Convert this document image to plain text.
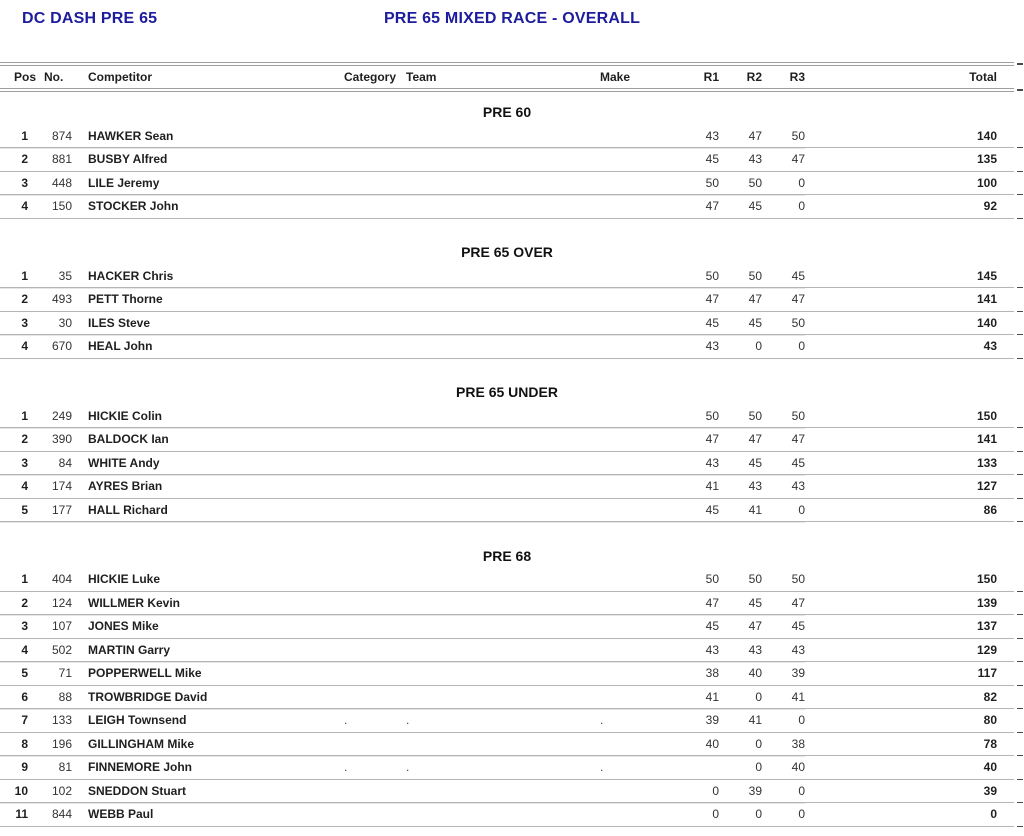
DC DASH PRE 65	PRE 65 MIXED RACE - OVERALL
Pos	No.	Competitor	Category	Team	Make	R1	R2	R3	Total

PRE 60									

1	874	HAWKER Sean				43	47	50	140
2	881	BUSBY Alfred				45	43	47	135
3	448	LILE Jeremy				50	50	0	100
4	150	STOCKER John				47	45	0	92

PRE 65 OVER									

1	35	HACKER Chris				50	50	45	145
2	493	PETT Thorne				47	47	47	141
3	30	ILES Steve				45	45	50	140
4	670	HEAL John				43	0	0	43

PRE 65 UNDER									

1	249	HICKIE Colin				50	50	50	150
2	390	BALDOCK Ian				47	47	47	141
3	84	WHITE Andy				43	45	45	133
4	174	AYRES Brian				41	43	43	127
5	177	HALL Richard				45	41	0	86

PRE 68									

1	404	HICKIE Luke				50	50	50	150
2	124	WILLMER Kevin				47	45	47	139
3	107	JONES Mike				45	47	45	137
4	502	MARTIN Garry				43	43	43	129
5	71	POPPERWELL Mike				38	40	39	117
6	88	TROWBRIDGE David				41	0	41	82
7	133	LEIGH Townsend	.	.	.	39	41	0	80
8	196	GILLINGHAM Mike				40	0	38	78
9	81	FINNEMORE John	.	.	.		0	40	40
10	102	SNEDDON Stuart				0	39	0	39
11	844	WEBB Paul				0	0	0	0
